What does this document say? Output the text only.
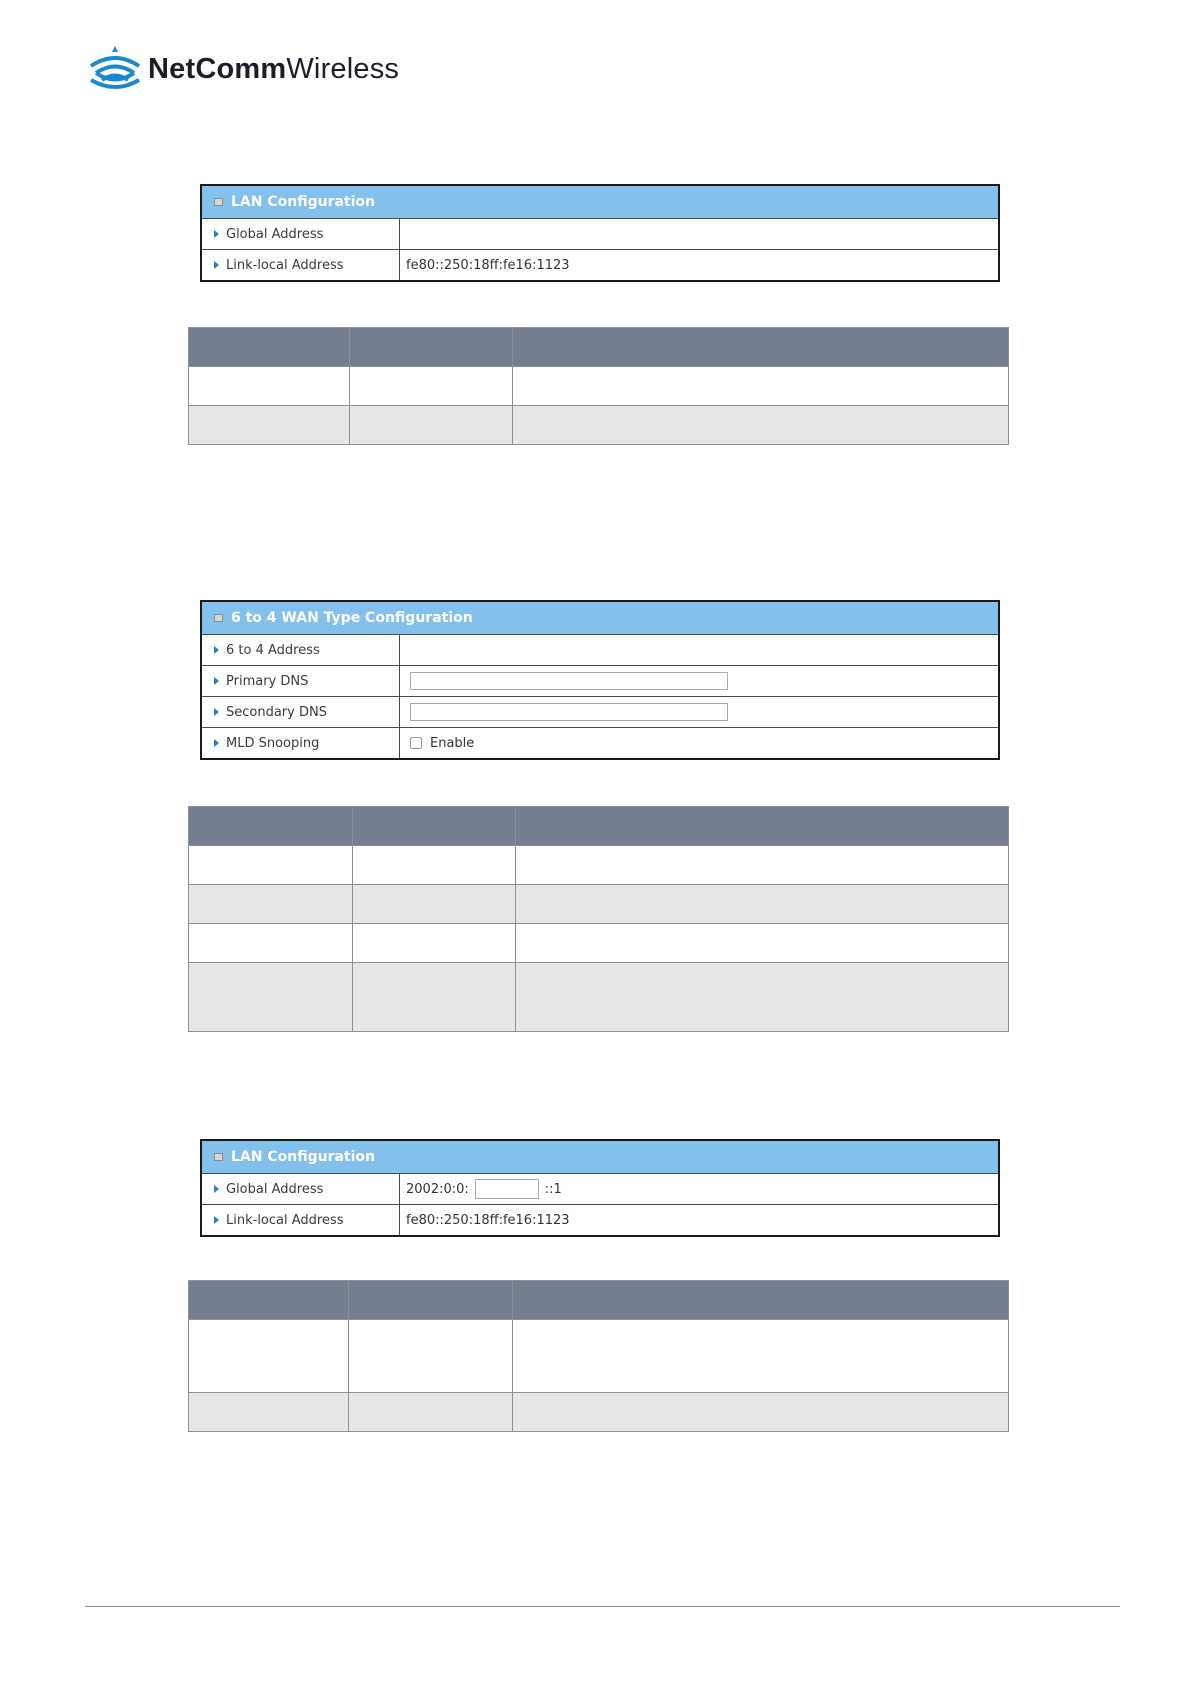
NetCommWireless
LAN Configuration
Global Address
Link-local Address	fe80::250:18ff:fe16:1123

6 to 4 WAN Type Configuration
6 to 4 Address
Primary DNS
Secondary DNS
MLD Snooping	Enable

LAN Configuration
Global Address	2002:0:0:	::1
Link-local Address	fe80::250:18ff:fe16:1123
